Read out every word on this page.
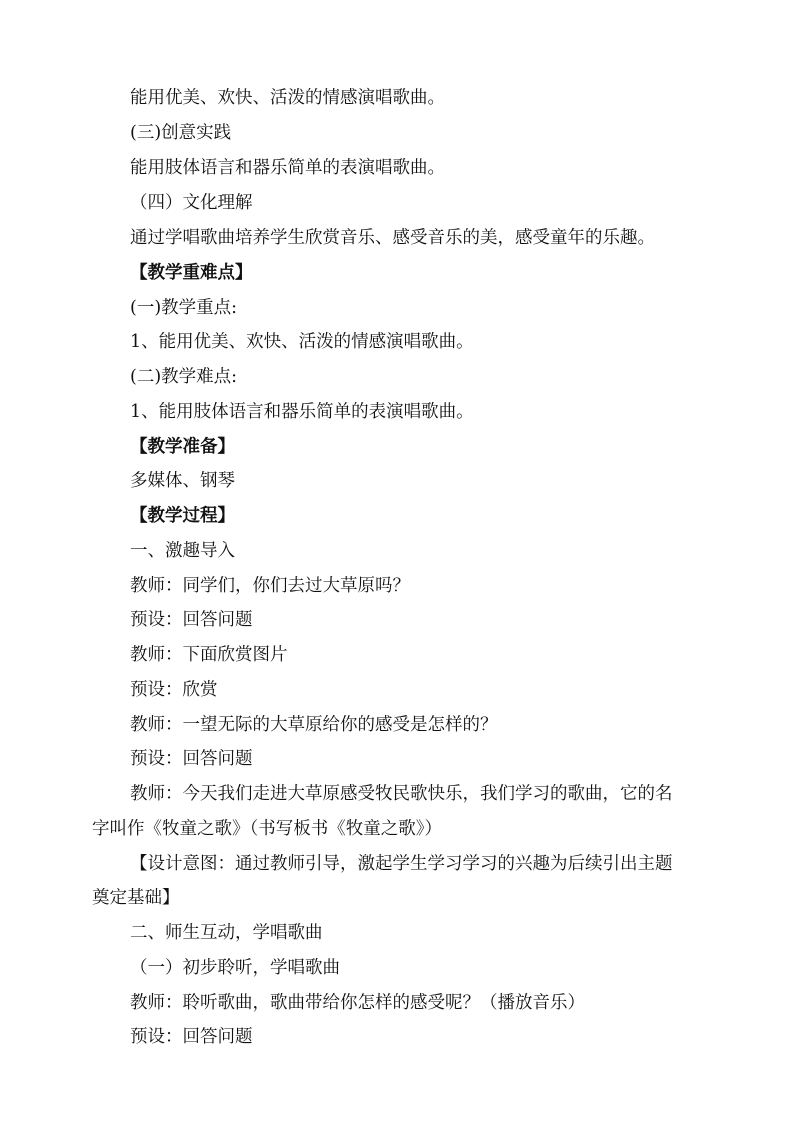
能用优美、欢快、活泼的情感演唱歌曲。
(三)创意实践
能用肢体语言和器乐简单的表演唱歌曲。
（四）文化理解
通过学唱歌曲培养学生欣赏音乐、感受音乐的美，感受童年的乐趣。
【教学重难点】
(一)教学重点:
1、能用优美、欢快、活泼的情感演唱歌曲。
(二)教学难点:
1、能用肢体语言和器乐简单的表演唱歌曲。
【教学准备】
多媒体、钢琴
【教学过程】
一、激趣导入
教师：同学们，你们去过大草原吗？
预设：回答问题
教师：下面欣赏图片
预设：欣赏
教师：一望无际的大草原给你的感受是怎样的？
预设：回答问题
教师：今天我们走进大草原感受牧民歌快乐，我们学习的歌曲，它的名
字叫作《牧童之歌》（书写板书《牧童之歌》）
【设计意图：通过教师引导，激起学生学习学习的兴趣为后续引出主题
奠定基础】
二、师生互动，学唱歌曲
（一）初步聆听，学唱歌曲
教师：聆听歌曲，歌曲带给你怎样的感受呢？（播放音乐）
预设：回答问题
